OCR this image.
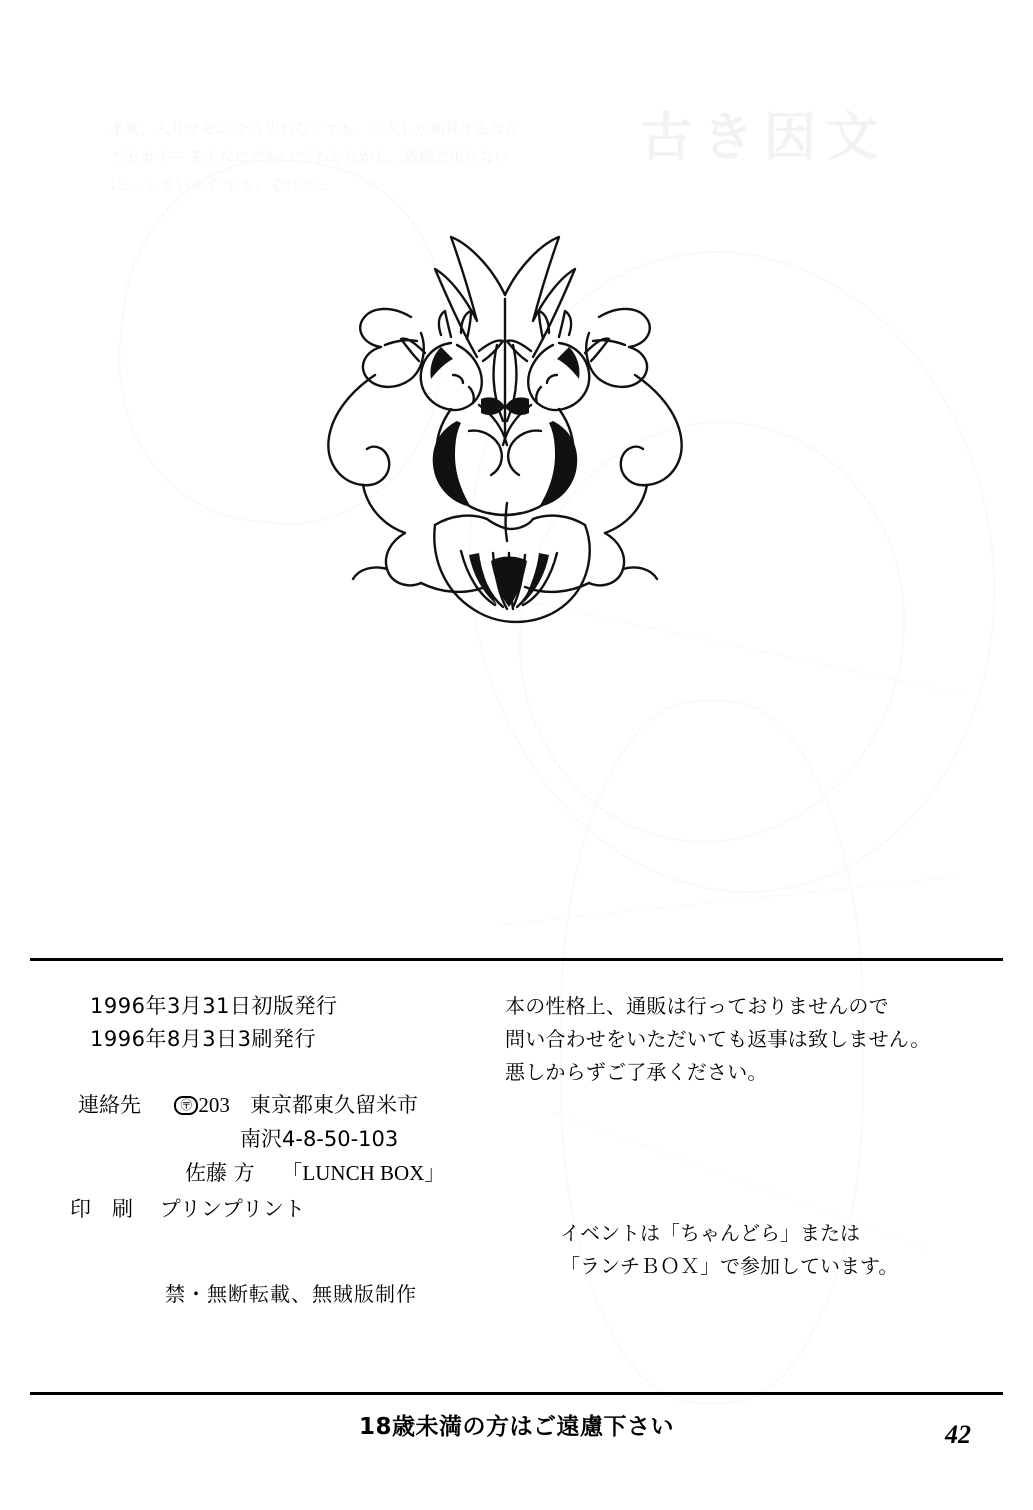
古き因文
柔軟、入りマセン そう思わなくても、二人しか知覚するなんてセカイー そんなにでもいて わかなかし…残酷だ出立ないに… しまいます でも、それで…
1996年3月31日初版発行
1996年8月3日3刷発行
連絡先	〶 203 東京都東久留米市
南沢4-8-50-103
佐藤 方 「LUNCH BOX」
印　刷 プリンプリント
禁・無断転載、無賊版制作
本の性格上、通販は行っておりませんので
問い合わせをいただいても返事は致しません。
悪しからずご了承ください。
イベントは「ちゃんどら」または
「ランチＢＯＸ」で参加しています。
18歳未満の方はご遠慮下さい	42
